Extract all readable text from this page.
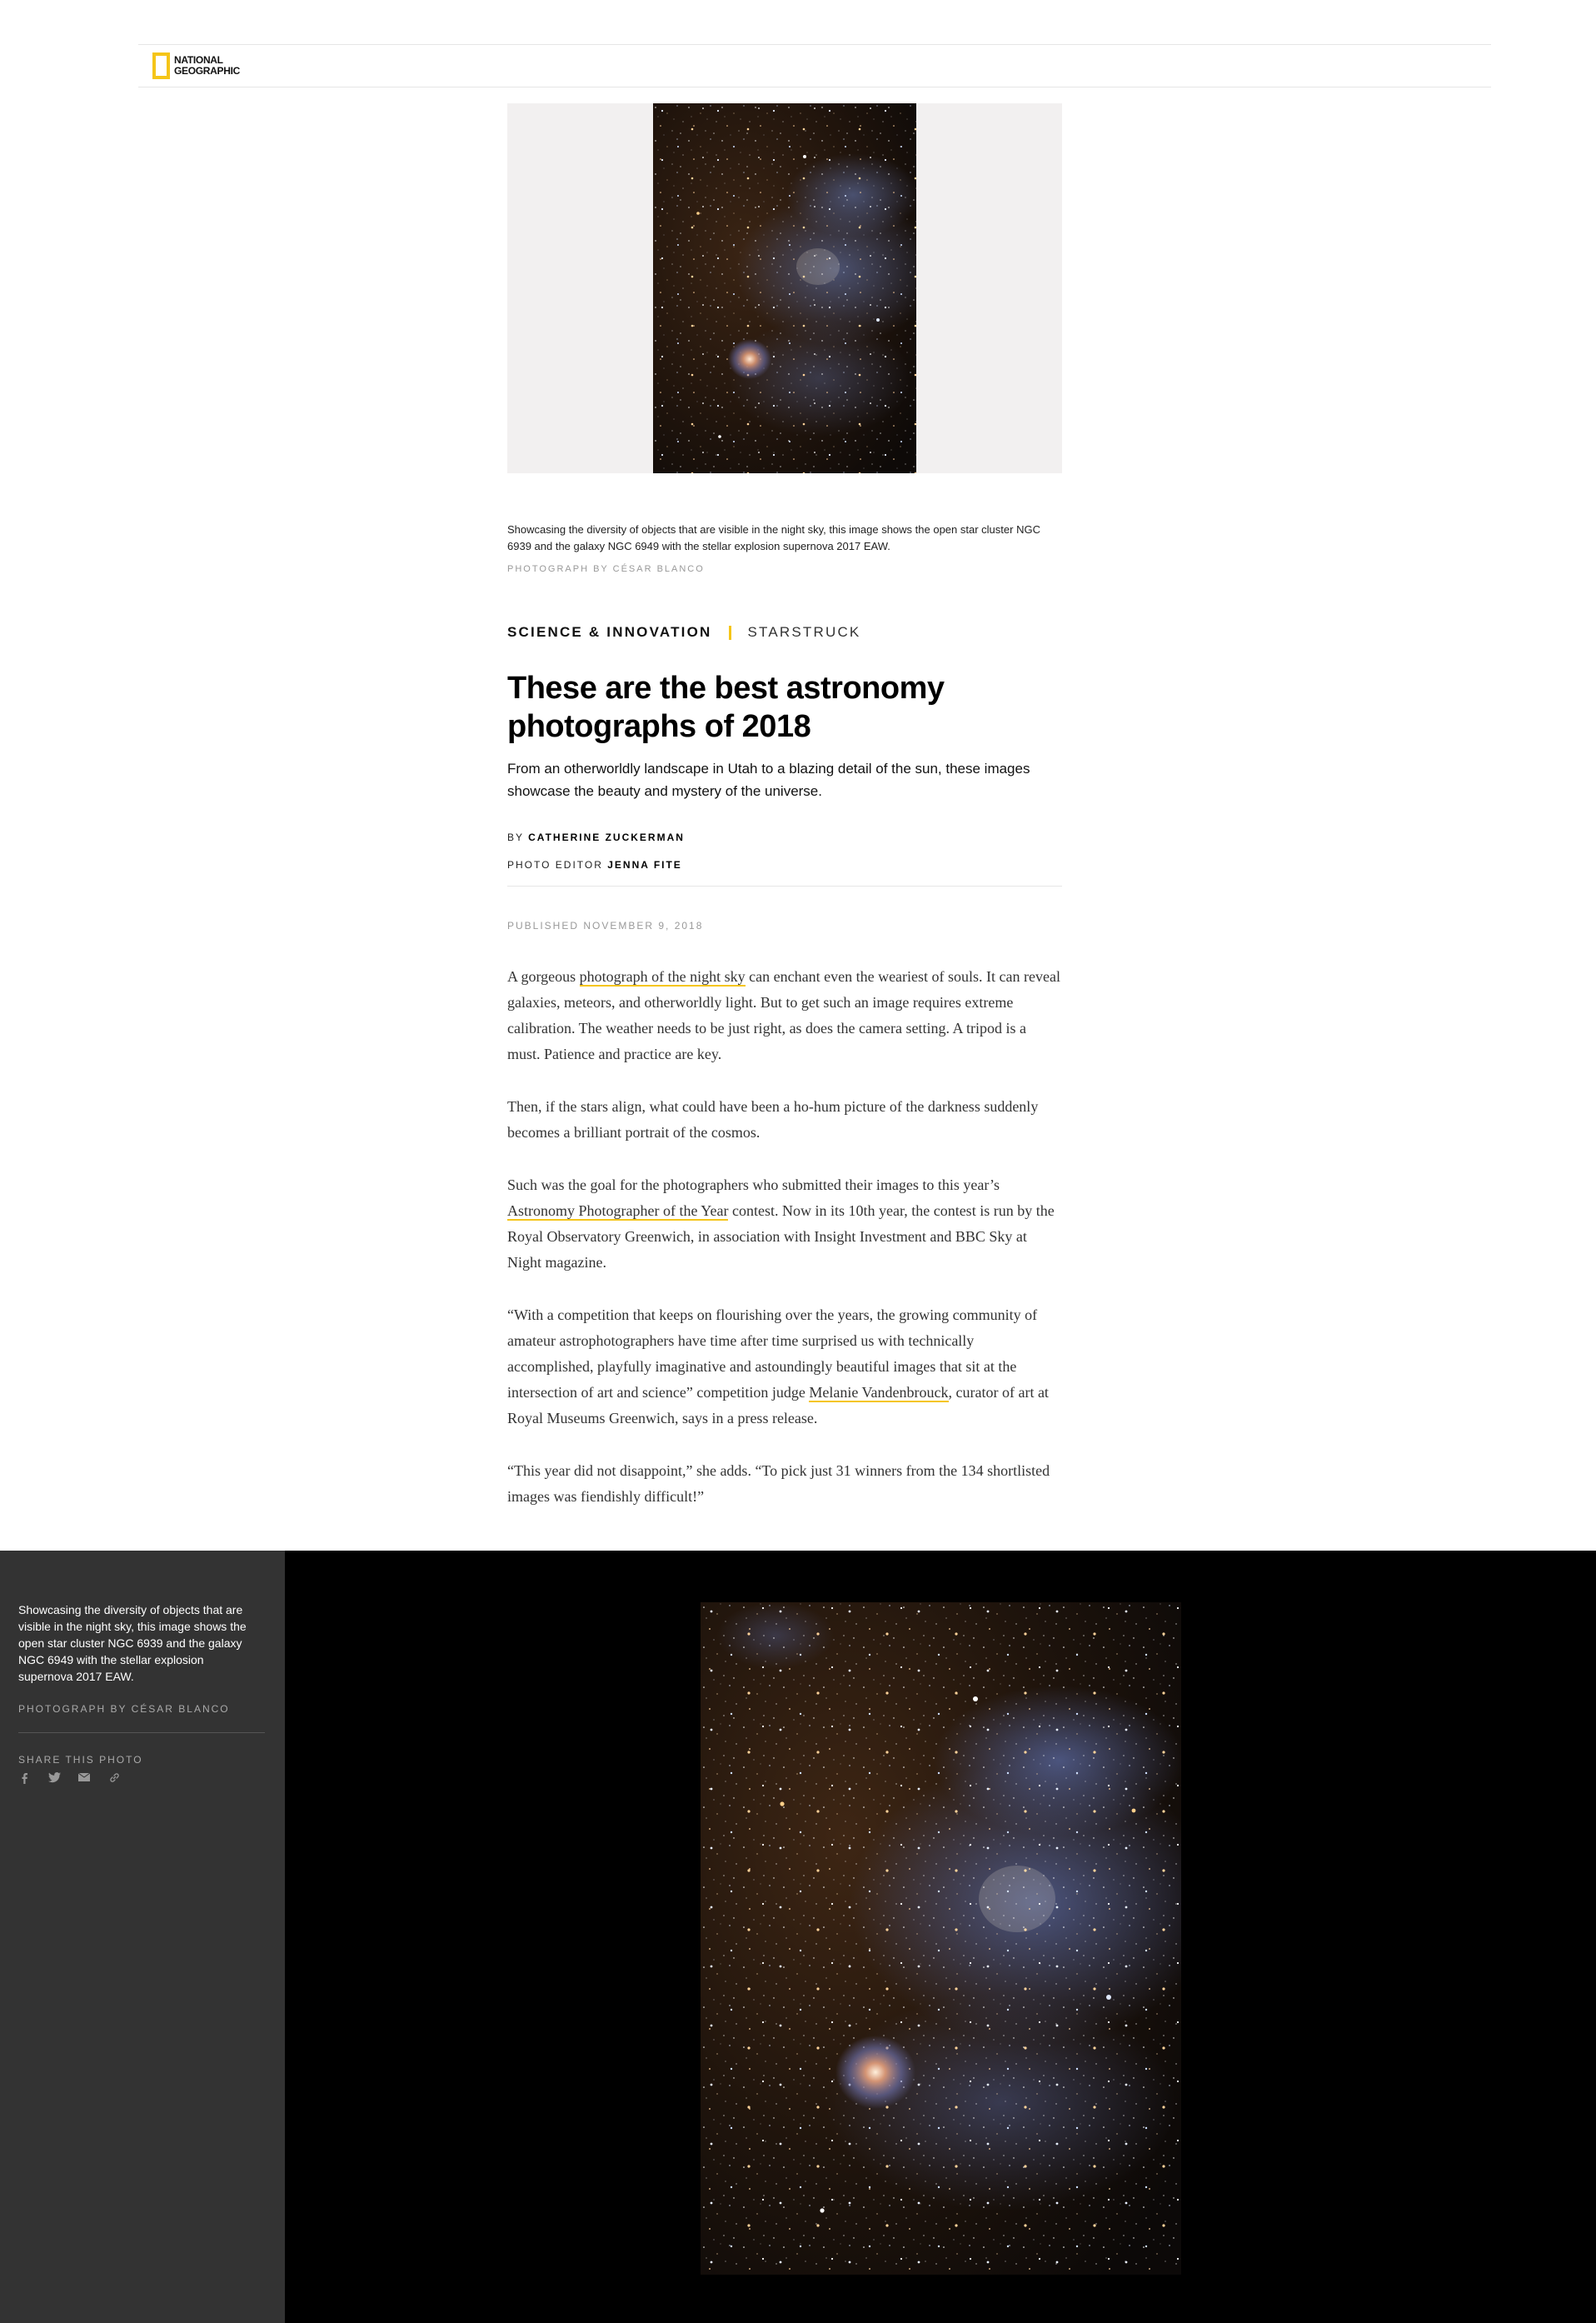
NATIONAL
GEOGRAPHIC
Showcasing the diversity of objects that are visible in the night sky, this image shows the open star cluster NGC 6939 and the galaxy NGC 6949 with the stellar explosion supernova 2017 EAW.
PHOTOGRAPH BY CÉSAR BLANCO
SCIENCE & INNOVATION	STARSTRUCK
These are the best astronomy photographs of 2018
From an otherworldly landscape in Utah to a blazing detail of the sun, these images showcase the beauty and mystery of the universe.
BY CATHERINE ZUCKERMAN
PHOTO EDITOR JENNA FITE
PUBLISHED NOVEMBER 9, 2018

A gorgeous photograph of the night sky can enchant even the weariest of souls. It can reveal galaxies, meteors, and otherworldly light. But to get such an image requires extreme calibration. The weather needs to be just right, as does the camera setting. A tripod is a must. Patience and practice are key.

Then, if the stars align, what could have been a ho-hum picture of the darkness suddenly becomes a brilliant portrait of the cosmos.

Such was the goal for the photographers who submitted their images to this year’s Astronomy Photographer of the Year contest. Now in its 10th year, the contest is run by the Royal Observatory Greenwich, in association with Insight Investment and BBC Sky at Night magazine.

“With a competition that keeps on flourishing over the years, the growing community of amateur astrophotographers have time after time surprised us with technically accomplished, playfully imaginative and astoundingly beautiful images that sit at the intersection of art and science” competition judge Melanie Vandenbrouck, curator of art at Royal Museums Greenwich, says in a press release.

“This year did not disappoint,” she adds. “To pick just 31 winners from the 134 shortlisted images was fiendishly difficult!”

Showcasing the diversity of objects that are visible in the night sky, this image shows the open star cluster NGC 6939 and the galaxy NGC 6949 with the stellar explosion supernova 2017 EAW.
PHOTOGRAPH BY CÉSAR BLANCO
SHARE THIS PHOTO
